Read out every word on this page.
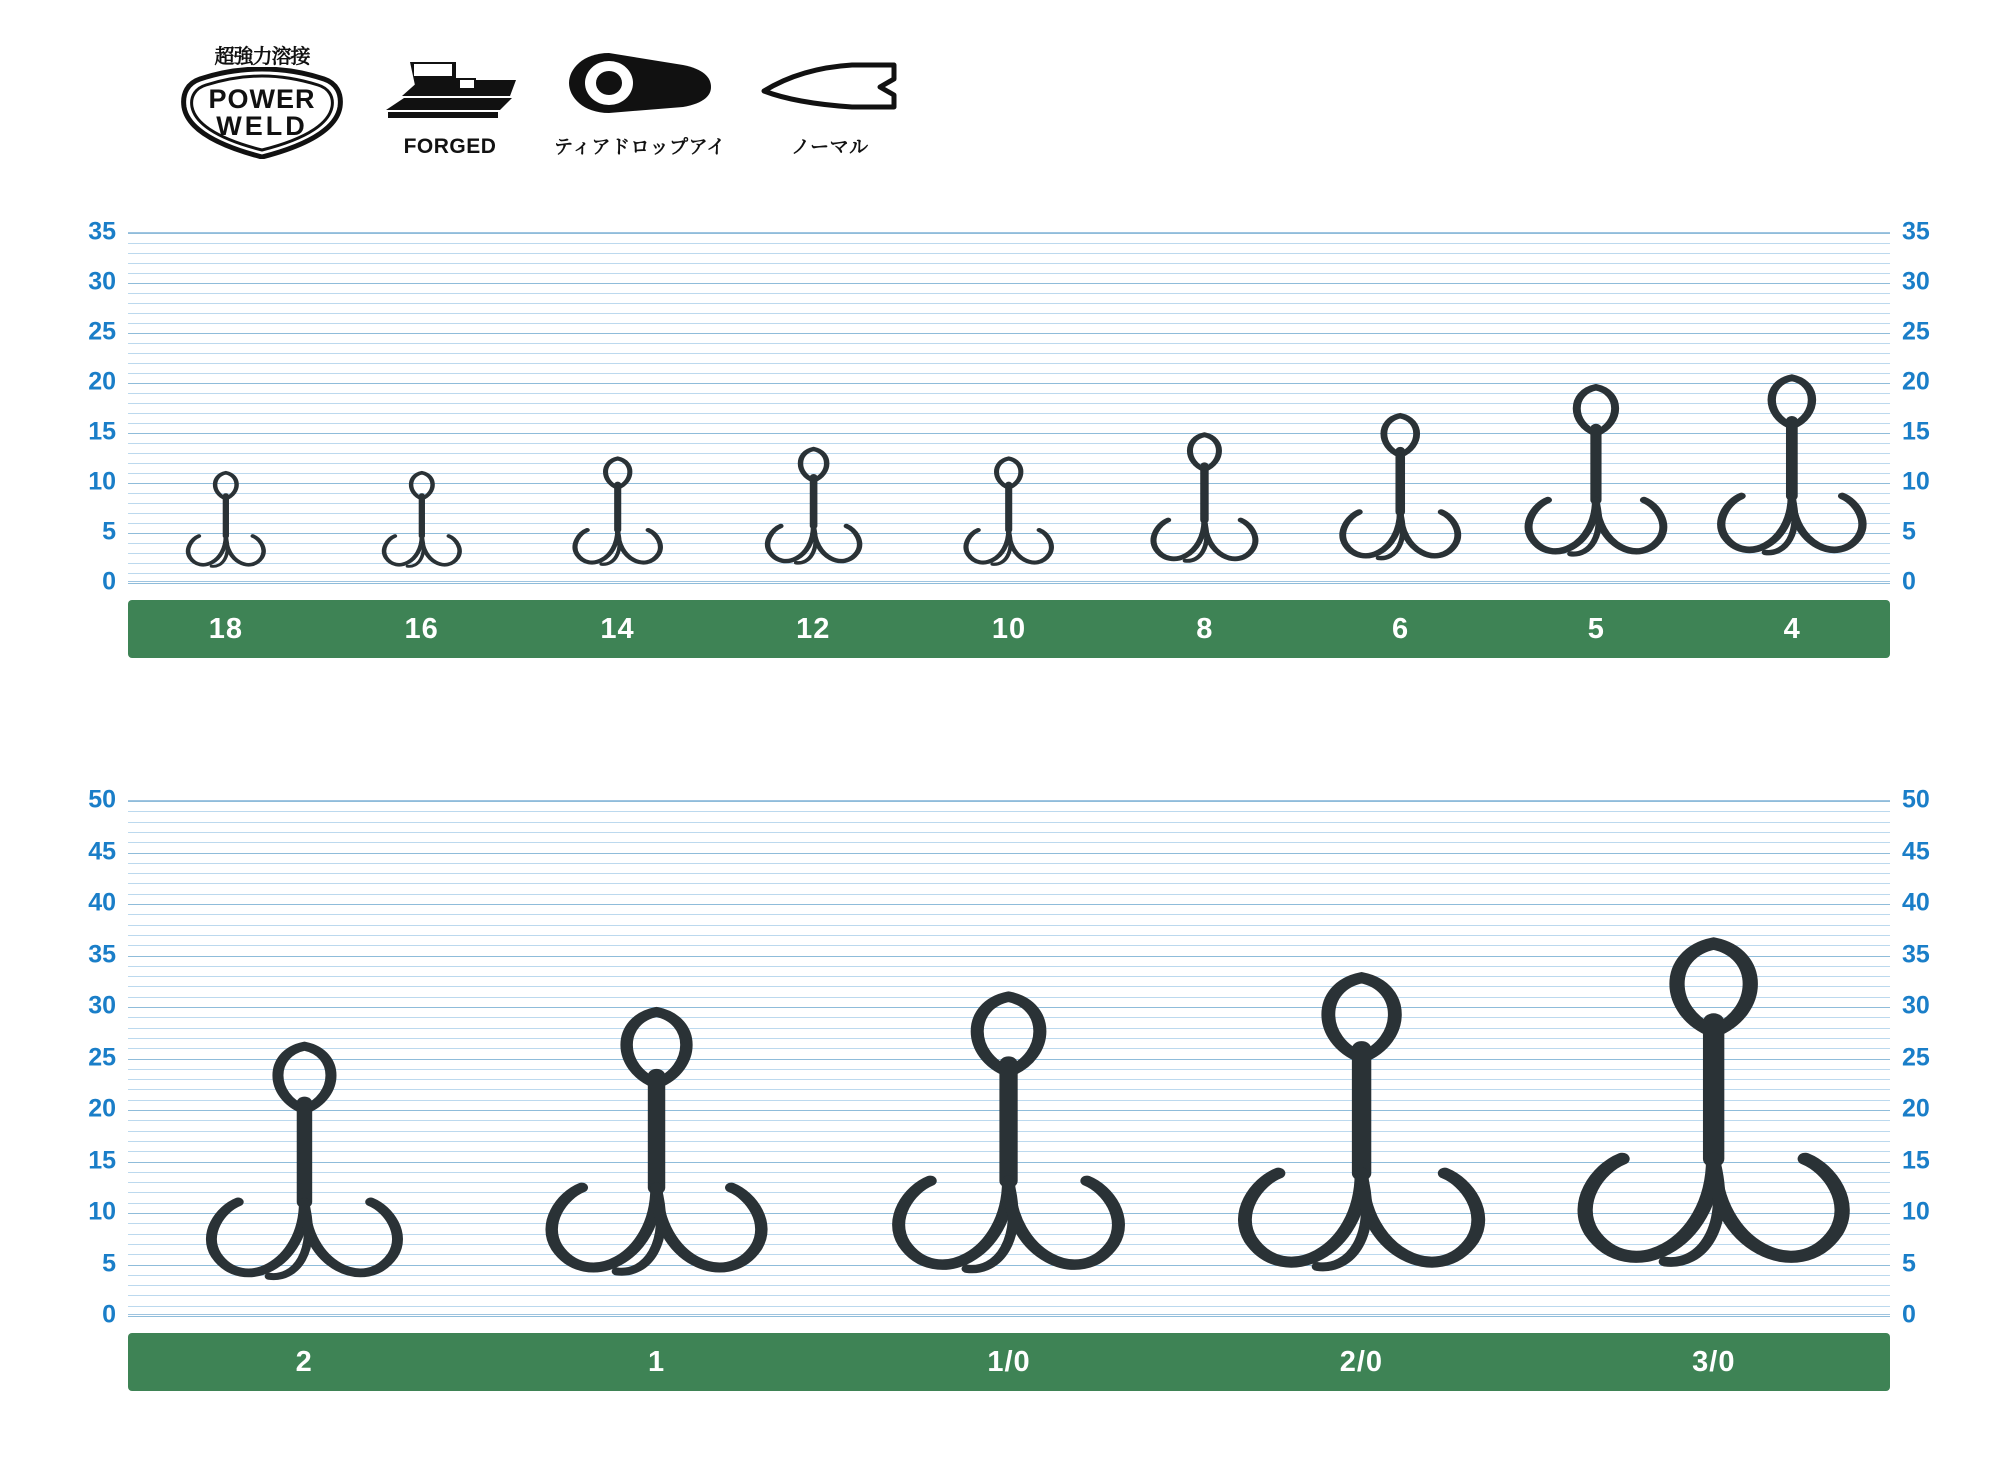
超強力溶接
POWER
WELD
FORGED	ティアドロップアイ	ノーマル
0	0
5	5
10	10
15	15
20	20
25	25
30	30
35	35
18	16	14	12	10	8	6	5	4
0	0
5	5
10	10
15	15
20	20
25	25
30	30
35	35
40	40
45	45
50	50
2	1	1/0	2/0	3/0
